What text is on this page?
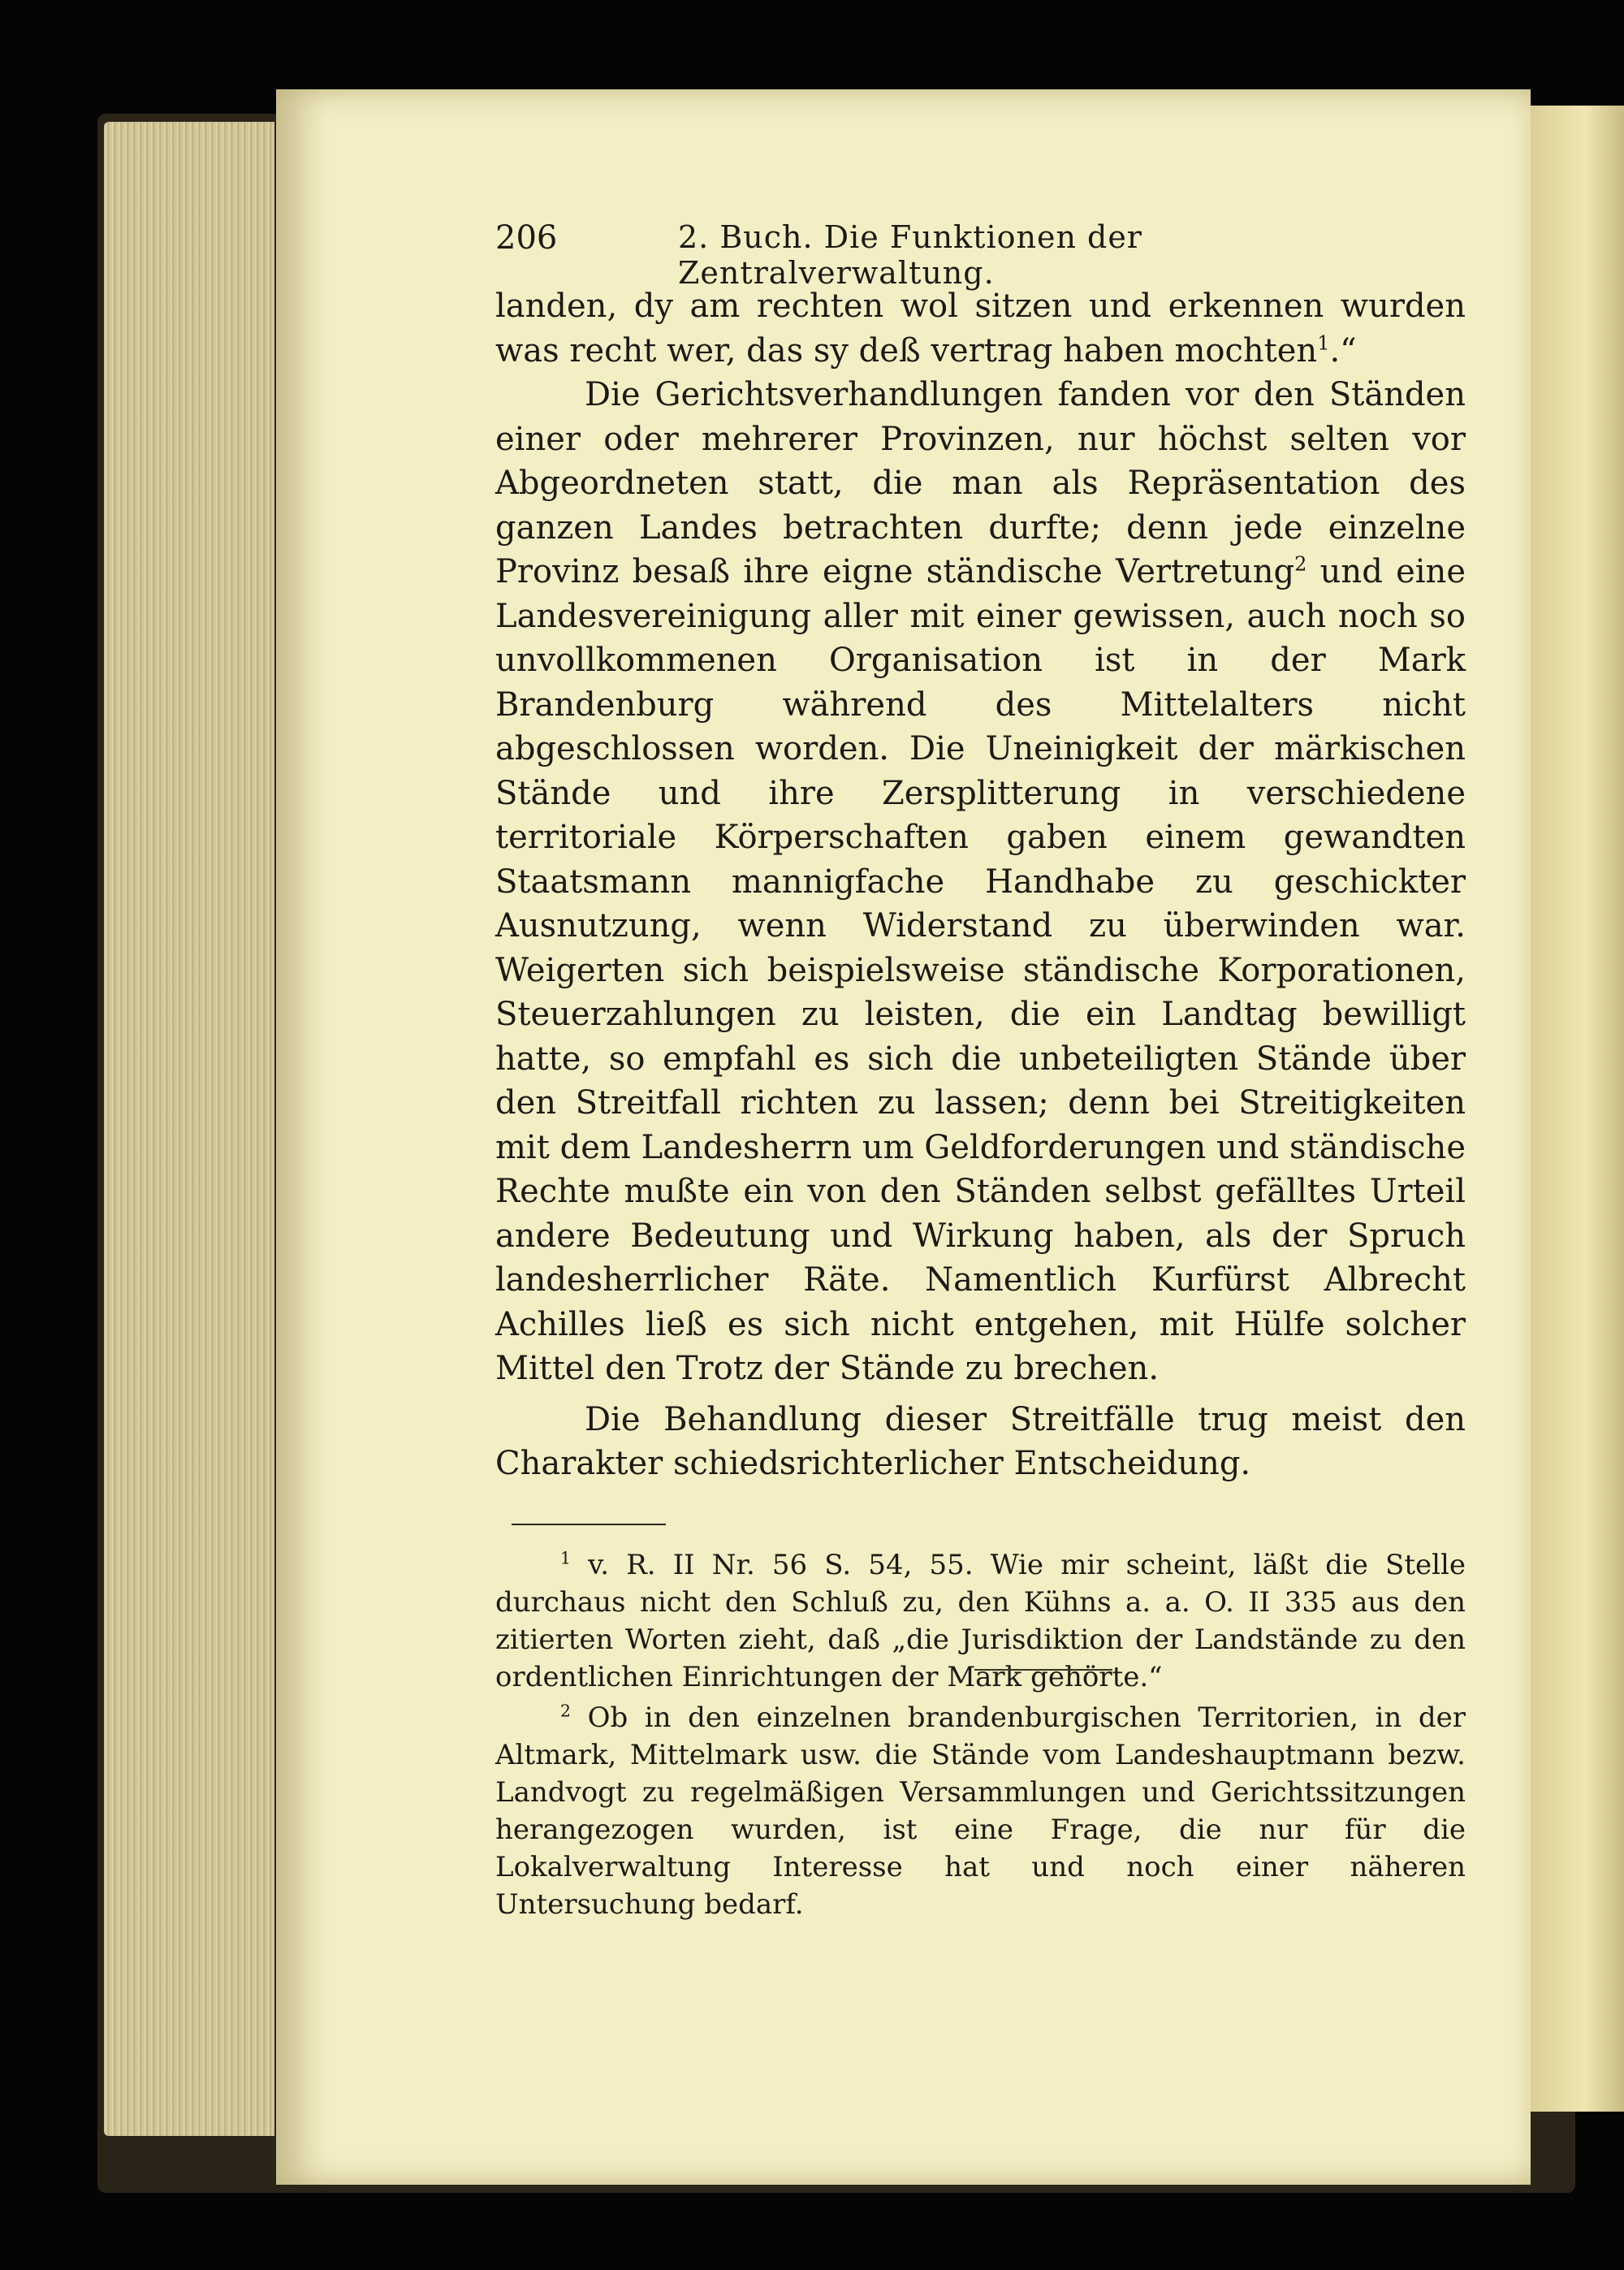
206	2. Buch. Die Funktionen der Zentralverwaltung.

landen, dy am rechten wol sitzen und erkennen wurden was recht wer, das sy deß vertrag haben mochten$^1$.“

Die Gerichtsverhandlungen fanden vor den Ständen einer oder mehrerer Provinzen, nur höchst selten vor Abgeordneten statt, die man als Repräsentation des ganzen Landes betrachten durfte; denn jede einzelne Provinz besaß ihre eigne ständische Vertretung$^2$ und eine Landesvereinigung aller mit einer gewissen, auch noch so unvollkommenen Organisation ist in der Mark Brandenburg während des Mittelalters nicht abgeschlossen worden. Die Uneinigkeit der märkischen Stände und ihre Zersplitterung in verschiedene territoriale Körperschaften gaben einem gewandten Staatsmann mannigfache Handhabe zu geschickter Ausnutzung, wenn Widerstand zu überwinden war. Weigerten sich beispielsweise ständische Korporationen, Steuerzahlungen zu leisten, die ein Landtag bewilligt hatte, so empfahl es sich die unbeteiligten Stände über den Streitfall richten zu lassen; denn bei Streitigkeiten mit dem Landesherrn um Geldforderungen und ständische Rechte mußte ein von den Ständen selbst gefälltes Urteil andere Bedeutung und Wirkung haben, als der Spruch landesherrlicher Räte. Namentlich Kurfürst Albrecht Achilles ließ es sich nicht entgehen, mit Hülfe solcher Mittel den Trotz der Stände zu brechen.

Die Behandlung dieser Streitfälle trug meist den Charakter schiedsrichterlicher Entscheidung.

$^1$ v. R. II Nr. 56 S. 54, 55. Wie mir scheint, läßt die Stelle durchaus nicht den Schluß zu, den Kühns a. a. O. II 335 aus den zitierten Worten zieht, daß „die Jurisdiktion der Landstände zu den ordentlichen Einrichtungen der Mark gehörte.“

$^2$ Ob in den einzelnen brandenburgischen Territorien, in der Altmark, Mittelmark usw. die Stände vom Landeshauptmann bezw. Landvogt zu regelmäßigen Versammlungen und Gerichtssitzungen herangezogen wurden, ist eine Frage, die nur für die Lokalverwaltung Interesse hat und noch einer näheren Untersuchung bedarf.
